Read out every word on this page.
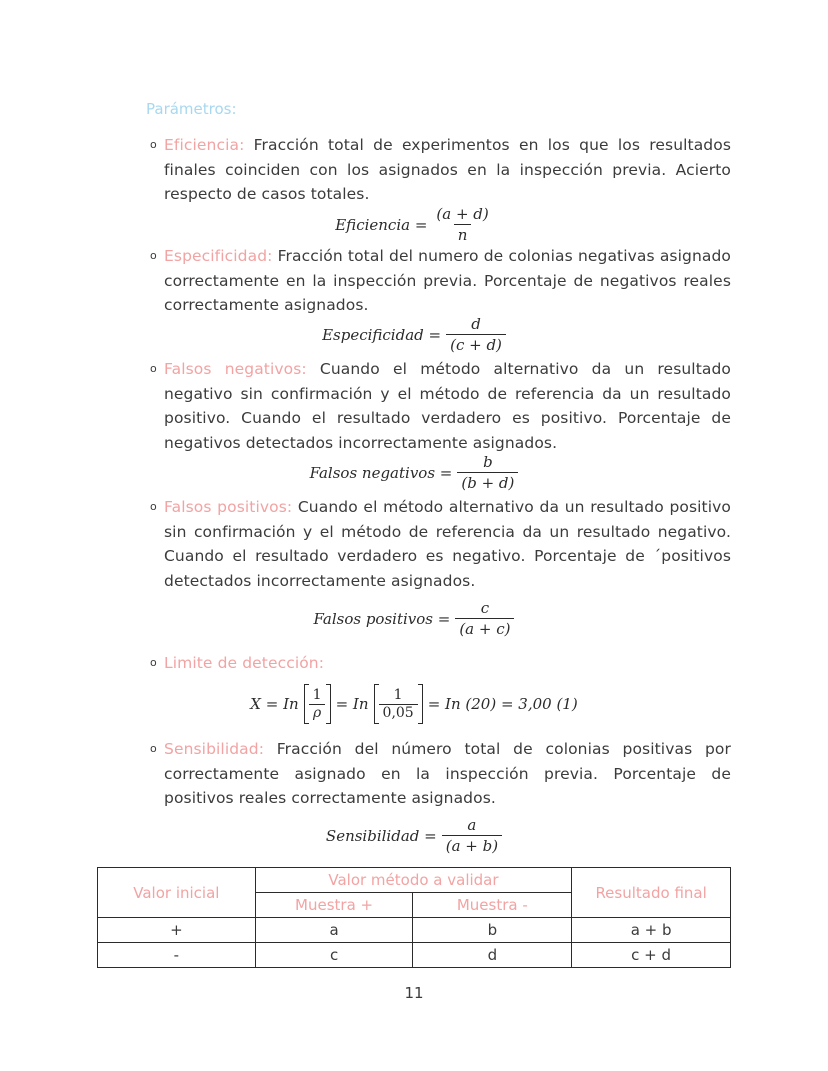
Parámetros:
o Eficiencia: Fracción total de experimentos en los que los resultados finales coinciden con los asignados en la inspección previa. Acierto respecto de casos totales.
Eficiencia = $\frac{(a + d)}{n}$
o Especificidad: Fracción total del numero de colonias negativas asignado correctamente en la inspección previa. Porcentaje de negativos reales correctamente asignados.
Especificidad = $\frac{d}{(c + d)}$
o Falsos negativos: Cuando el método alternativo da un resultado negativo sin confirmación y el método de referencia da un resultado positivo. Cuando el resultado verdadero es positivo. Porcentaje de negativos detectados incorrectamente asignados.
Falsos negativos = $\frac{b}{(b + d)}$
o Falsos positivos: Cuando el método alternativo da un resultado positivo sin confirmación y el método de referencia da un resultado negativo. Cuando el resultado verdadero es negativo. Porcentaje de ´positivos detectados incorrectamente asignados.
Falsos positivos = $\frac{c}{(a + c)}$
o Limite de detección:
X = In $\frac{1}{\rho} = In \frac{1}{0,05} = In$ (20) = 3,00 (1)
o Sensibilidad: Fracción del número total de colonias positivas por correctamente asignado en la inspección previa. Porcentaje de positivos reales correctamente asignados.
Sensibilidad = $\frac{a}{(a + b)}$
Valor inicial	Valor método a validar		Resultado final
	Muestra +	Muestra -	
+	a	b	a + b
-	c	d	c + d
11
